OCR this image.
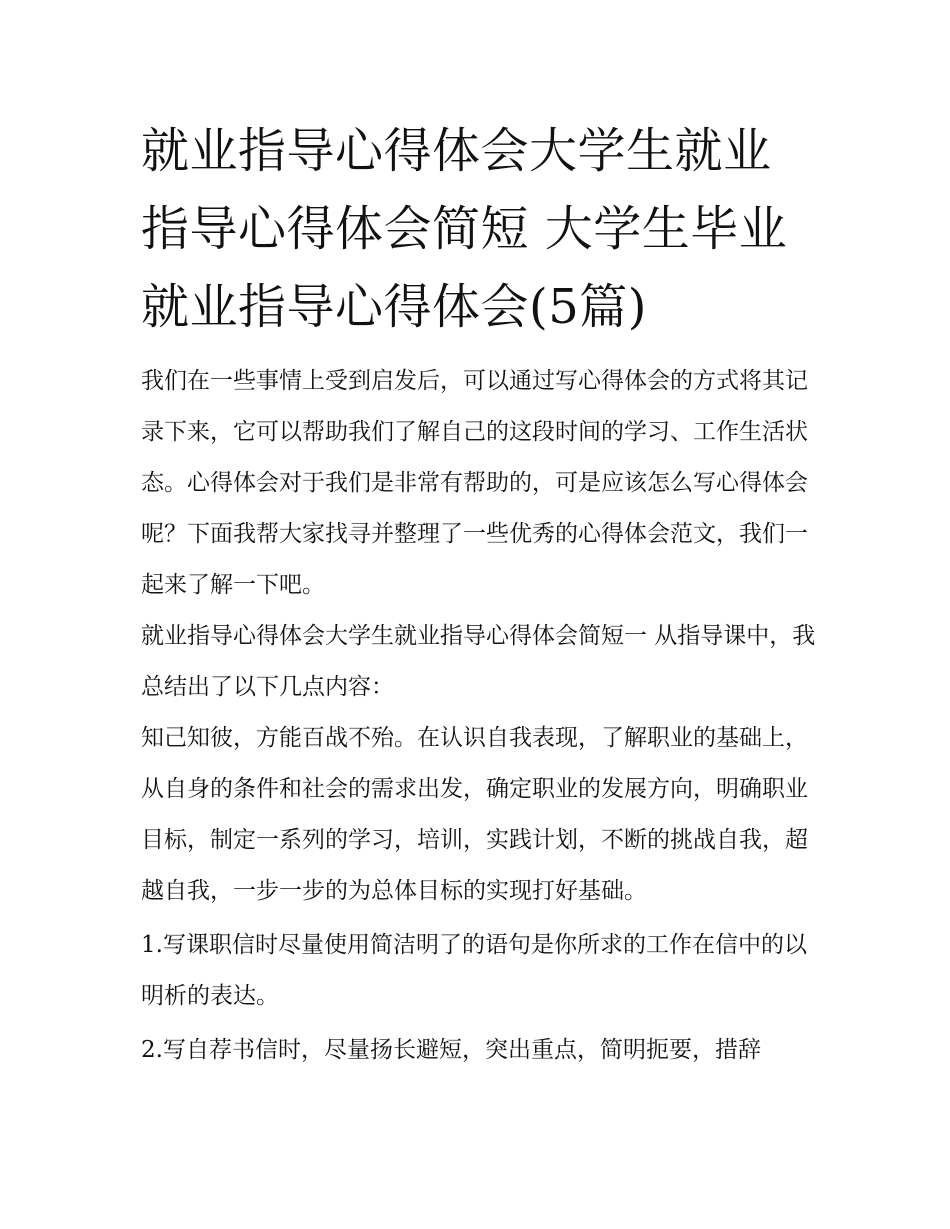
就业指导心得体会大学生就业指导心得体会简短 大学生毕业就业指导心得体会(5篇)

我们在一些事情上受到启发后，可以通过写心得体会的方式将其记录下来，它可以帮助我们了解自己的这段时间的学习、工作生活状态。心得体会对于我们是非常有帮助的，可是应该怎么写心得体会呢？下面我帮大家找寻并整理了一些优秀的心得体会范文，我们一起来了解一下吧。

就业指导心得体会大学生就业指导心得体会简短一 从指导课中，我总结出了以下几点内容：

知己知彼，方能百战不殆。在认识自我表现，了解职业的基础上，从自身的条件和社会的需求出发，确定职业的发展方向，明确职业目标，制定一系列的学习，培训，实践计划，不断的挑战自我，超越自我，一步一步的为总体目标的实现打好基础。

1.写课职信时尽量使用简洁明了的语句是你所求的工作在信中的以明析的表达。

2.写自荐书信时，尽量扬长避短，突出重点，简明扼要，措辞
